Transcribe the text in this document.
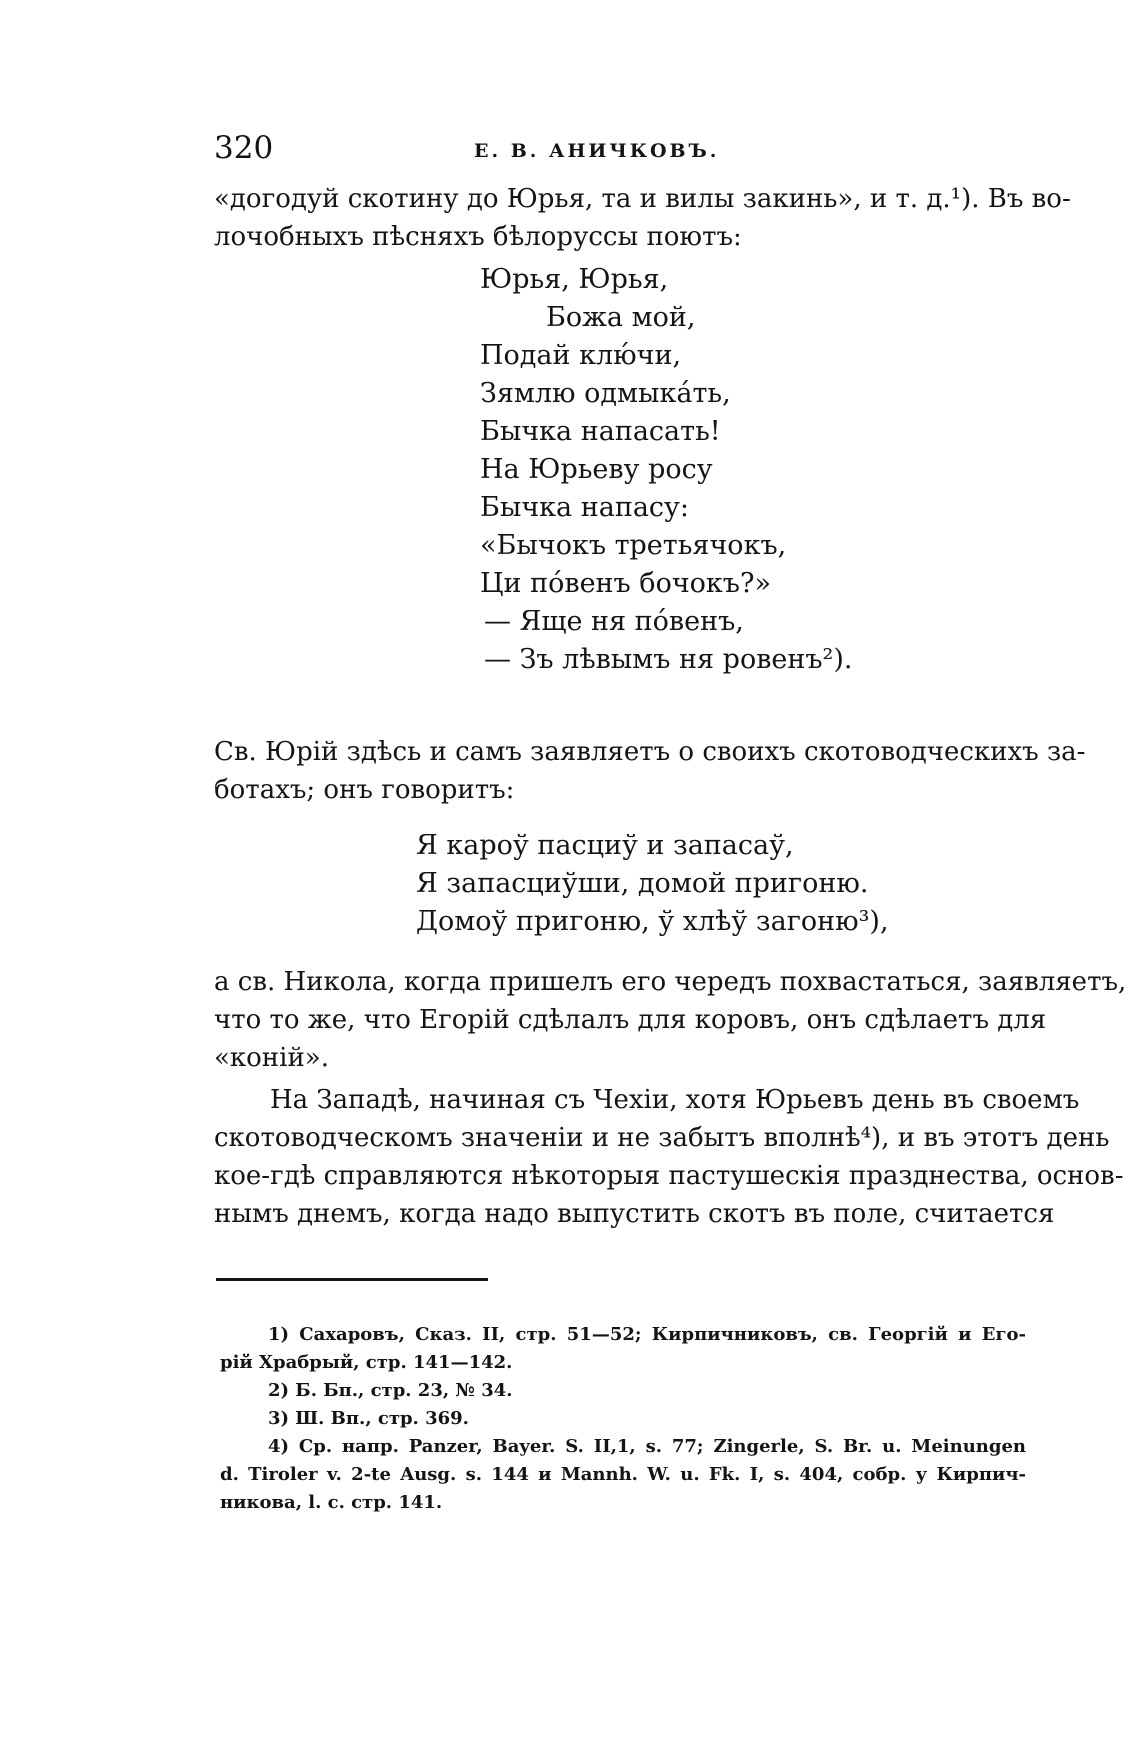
320	Е. В. АНИЧКОВЪ.
«догодуй скотину до Юрья, та и вилы закинь», и т. д.¹). Въ во-
лочобныхъ пѣсняхъ бѣлоруссы поютъ:
Юрья, Юрья,
Божа мой,
Подай клю́чи,
Зямлю одмыка́ть,
Бычка напасать!
На Юрьеву росу
Бычка напасу:
«Бычокъ третьячокъ,
Ци по́венъ бочокъ?»
— Ящe ня по́венъ,
— Зъ лѣвымъ ня ровенъ²).
Св. Юрій здѣсь и самъ заявляетъ о своихъ скотоводческихъ за-
ботахъ; онъ говоритъ:
Я кароў пасциў и запасаў,
Я запасциўши, домой пригоню.
Домоў пригоню, ў хлѣў загоню³),
а св. Никола, когда пришелъ его чередъ похвастаться, заявляетъ,
что то же, что Егорій сдѣлалъ для коровъ, онъ сдѣлаетъ для
«коній».
На Западѣ, начиная съ Чехіи, хотя Юрьевъ день въ своемъ
скотоводческомъ значеніи и не забытъ вполнѣ⁴), и въ этотъ день
кое-гдѣ справляются нѣкоторыя пастушескія празднества, основ-
нымъ днемъ, когда надо выпустить скотъ въ поле, считается
1) Сахаровъ, Сказ. II, стр. 51—52; Кирпичниковъ, св. Георгій и Его-
рій Храбрый, стр. 141—142.
2) Б. Бп., стр. 23, № 34.
3) Ш. Вп., стр. 369.
4) Ср. напр. Panzer, Bayer. S. II,1, s. 77; Zingerle, S. Br. u. Meinungen
d. Tiroler v. 2-te Ausg. s. 144 и Mannh. W. u. Fk. I, s. 404, собр. у Кирпич-
никова, l. c. стр. 141.
